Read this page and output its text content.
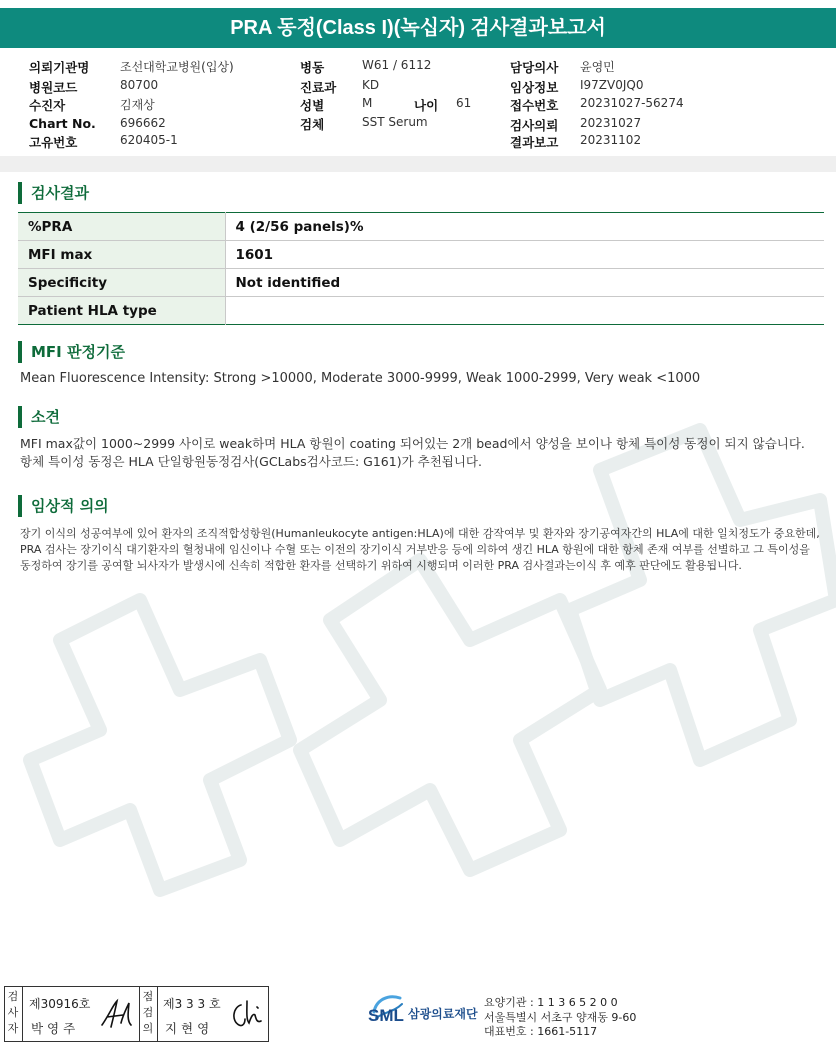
PRA 동정(Class I)(녹십자) 검사결과보고서
의뢰기관명	조선대학교병원(입상)
병원코드	80700
수진자	김재상
Chart No. 696662
고유번호	620405-1
병동	W61 / 6112
진료과 KD
성별	M	나이 61
검체	SST Serum
담당의사 윤영민
임상정보 I97ZV0JQ0
접수번호 20231027-56274
검사의뢰 20231027
결과보고 20231102
검사결과
%PRA	4 (2/56 panels)%
MFI max	1601
Specificity	Not identified
Patient HLA type	
MFI 판정기준
Mean Fluorescence Intensity: Strong >10000, Moderate 3000-9999, Weak 1000-2999, Very weak <1000
소견
MFI max값이 1000~2999 사이로 weak하며 HLA 항원이 coating 되어있는 2개 bead에서 양성을 보이나 항체 특이성 동정이 되지 않습니다. 항체 특이성 동정은 HLA 단일항원동정검사(GCLabs검사코드: G161)가 추천됩니다.
임상적 의의
장기 이식의 성공여부에 있어 환자의 조직적합성항원(Humanleukocyte antigen:HLA)에 대한 감작여부 및 환자와 장기공여자간의 HLA에 대한 일치정도가 중요한데, PRA 검사는 장기이식 대기환자의 혈청내에 임신이나 수혈 또는 이전의 장기이식 거부반응 등에 의하여 생긴 HLA 항원에 대한 항체 존재 여부를 선별하고 그 특이성을 동정하여 장기를 공여할 뇌사자가 발생시에 신속히 적합한 환자를 선택하기 위하여 시행되며 이러한 PRA 검사결과는이식 후 예후 판단에도 활용됩니다.
검사자
제30916호
박 영 주
점검의
제3 3 3 호
지 현 영
SML 삼광의료재단
요양기관 : 1 1 3 6 5 2 0 0
서울특별시 서초구 양재동 9-60
대표번호 : 1661-5117
